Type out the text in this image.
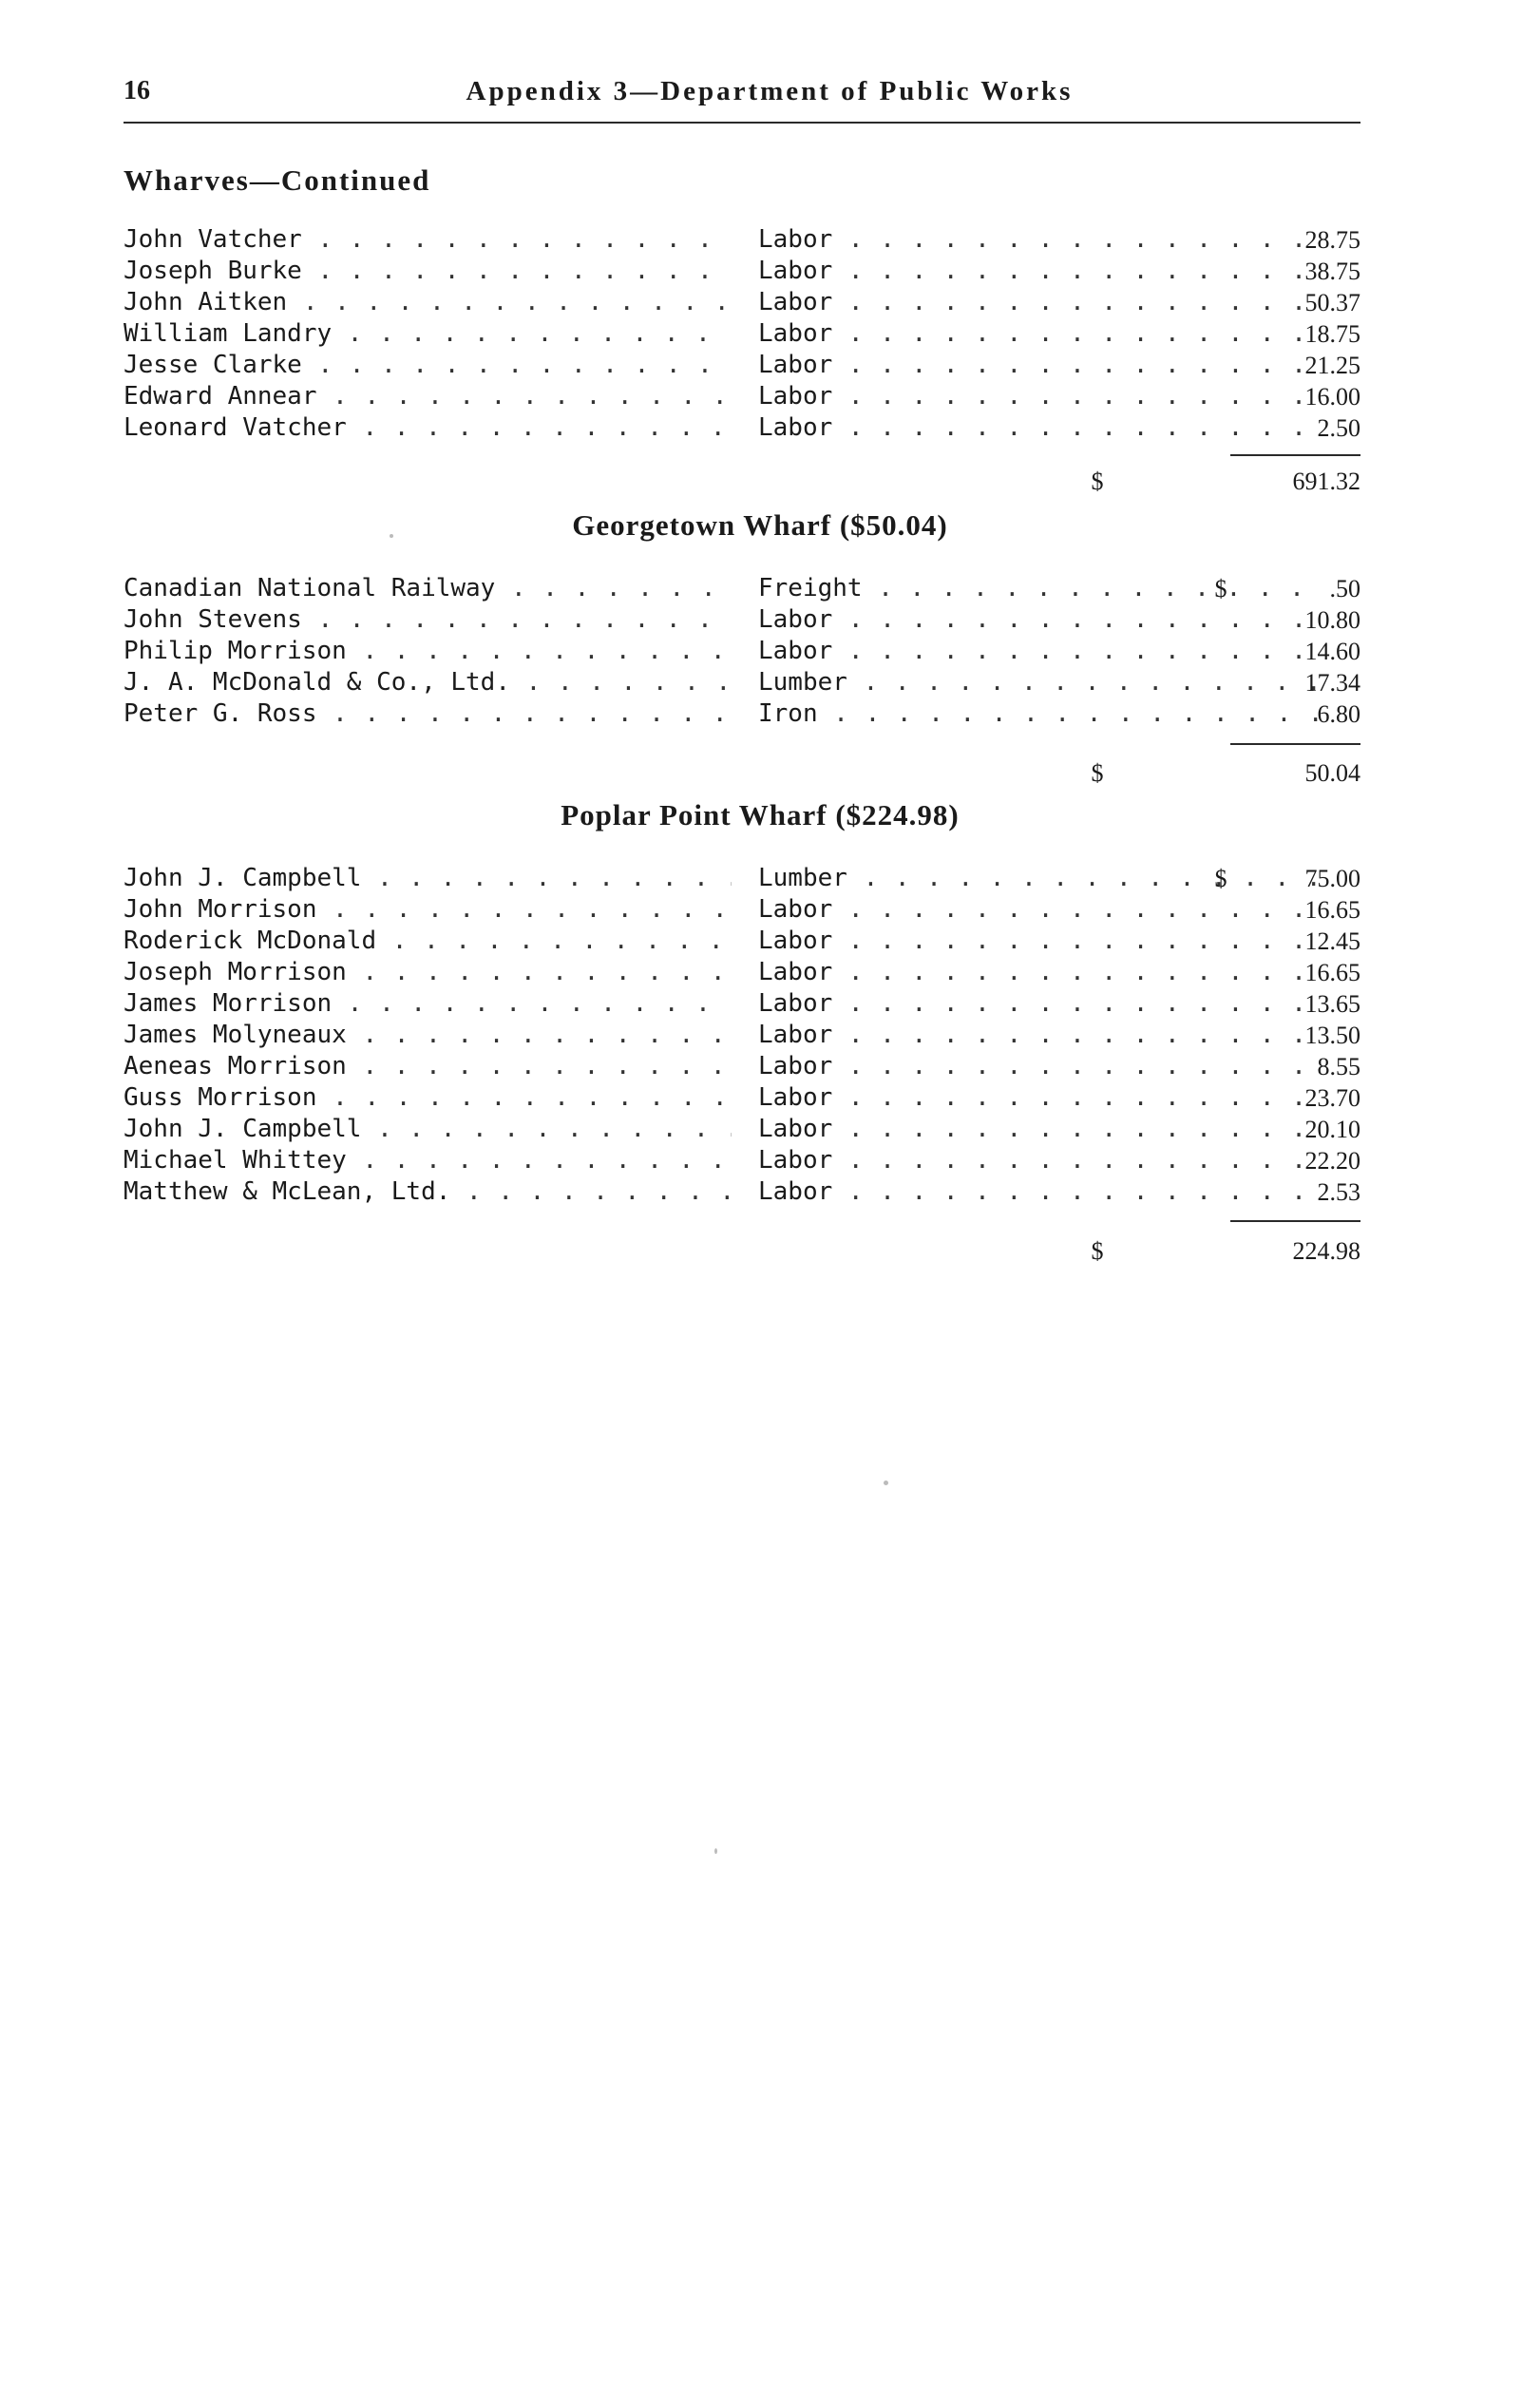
16	Appendix 3—Department of Public Works
Wharves—Continued
John Vatcher . . .	Labor . . .	28.75
Joseph Burke . . .	Labor . . .	38.75
John Aitken . . .	Labor . . .	50.37
William Landry . . .	Labor . . .	18.75
Jesse Clarke . . .	Labor . . .	21.25
Edward Annear . . .	Labor . . .	16.00
Leonard Vatcher . . .	Labor . . .	2.50
$	691.32
Georgetown Wharf ($50.04)
Canadian National Railway . . .	Freight . . .	$	.50
John Stevens . . .	Labor . . .	10.80
Philip Morrison . . .	Labor . . .	14.60
J. A. McDonald & Co., Ltd. . . .	Lumber . . .	17.34
Peter G. Ross . . .	Iron . . .	6.80
$	50.04
Poplar Point Wharf ($224.98)
John J. Campbell . . .	Lumber . . .	$	75.00
John Morrison . . .	Labor . . .	16.65
Roderick McDonald . . .	Labor . . .	12.45
Joseph Morrison . . .	Labor . . .	16.65
James Morrison . . .	Labor . . .	13.65
James Molyneaux . . .	Labor . . .	13.50
Aeneas Morrison . . .	Labor . . .	8.55
Guss Morrison . . .	Labor . . .	23.70
John J. Campbell . . .	Labor . . .	20.10
Michael Whittey . . .	Labor . . .	22.20
Matthew & McLean, Ltd. . . .	Labor . . .	2.53
$	224.98
